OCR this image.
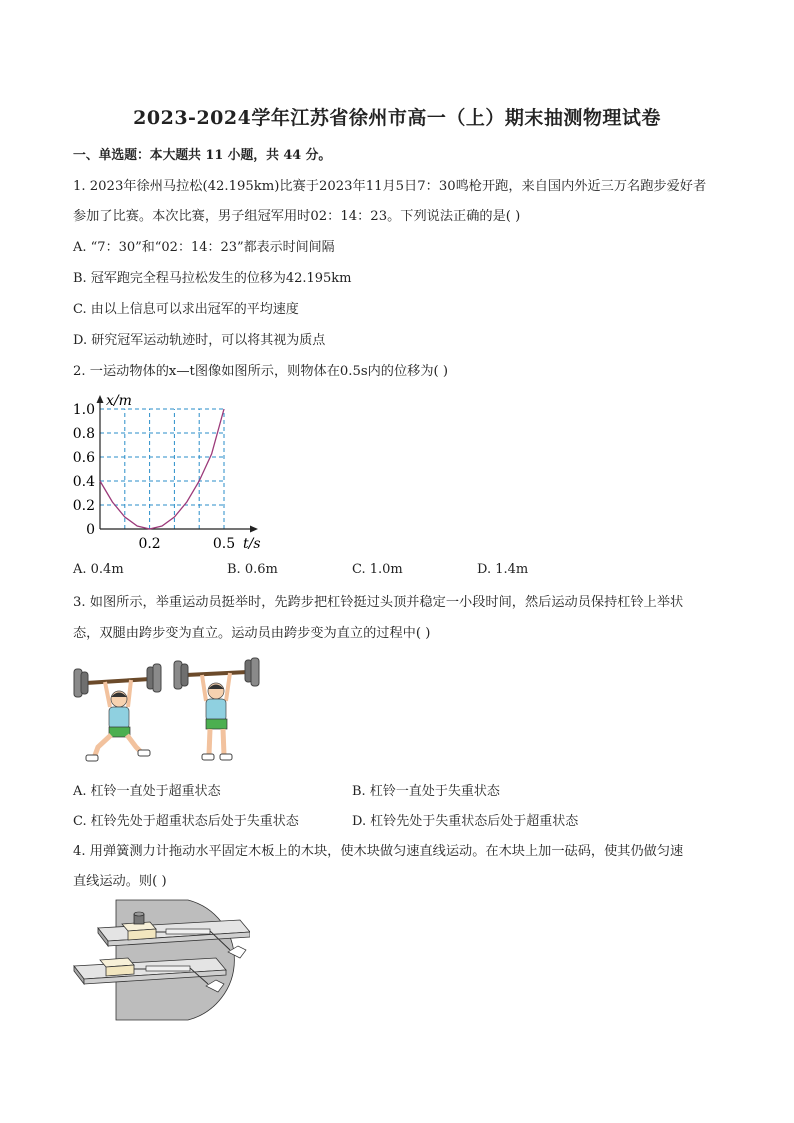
2023-2024学年江苏省徐州市高一（上）期末抽测物理试卷
一、单选题：本大题共 11 小题，共 44 分。
1. 2023年徐州马拉松(42.195km)比赛于2023年11月5日7：30鸣枪开跑，来自国内外近三万名跑步爱好者
参加了比赛。本次比赛，男子组冠军用时02：14：23。下列说法正确的是( )
A. “7：30”和“02：14：23”都表示时间间隔
B. 冠军跑完全程马拉松发生的位移为42.195km
C. 由以上信息可以求出冠军的平均速度
D. 研究冠军运动轨迹时，可以将其视为质点
2. 一运动物体的x—t图像如图所示，则物体在0.5s内的位移为( )
0
0.2
0.4
0.6
0.8
1.0
0.2	0.5
x/m
t/s
A. 0.4m	B. 0.6m	C. 1.0m	D. 1.4m
3. 如图所示，举重运动员挺举时，先跨步把杠铃挺过头顶并稳定一小段时间，然后运动员保持杠铃上举状
态，双腿由跨步变为直立。运动员由跨步变为直立的过程中( )
A. 杠铃一直处于超重状态	B. 杠铃一直处于失重状态
C. 杠铃先处于超重状态后处于失重状态	D. 杠铃先处于失重状态后处于超重状态
4. 用弹簧测力计拖动水平固定木板上的木块，使木块做匀速直线运动。在木块上加一砝码，使其仍做匀速
直线运动。则( )
